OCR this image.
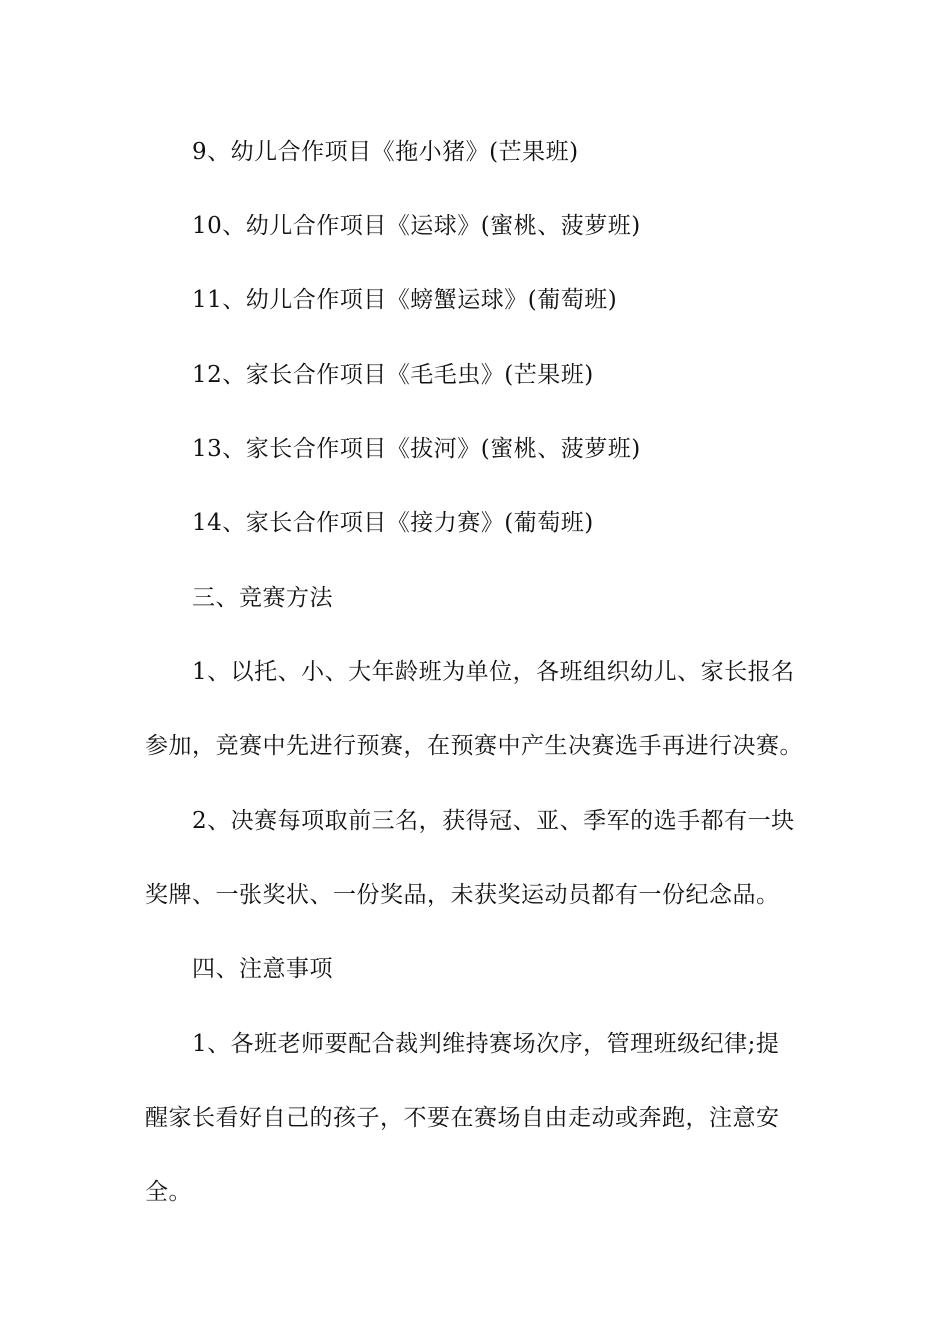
9、幼儿合作项目《拖小猪》(芒果班)
10、幼儿合作项目《运球》(蜜桃、菠萝班)
11、幼儿合作项目《螃蟹运球》(葡萄班)
12、家长合作项目《毛毛虫》(芒果班)
13、家长合作项目《拔河》(蜜桃、菠萝班)
14、家长合作项目《接力赛》(葡萄班)
三、竞赛方法
1、以托、小、大年龄班为单位，各班组织幼儿、家长报名
参加，竞赛中先进行预赛，在预赛中产生决赛选手再进行决赛。
2、决赛每项取前三名，获得冠、亚、季军的选手都有一块
奖牌、一张奖状、一份奖品，未获奖运动员都有一份纪念品。
四、注意事项
1、各班老师要配合裁判维持赛场次序，管理班级纪律;提
醒家长看好自己的孩子，不要在赛场自由走动或奔跑，注意安
全。
